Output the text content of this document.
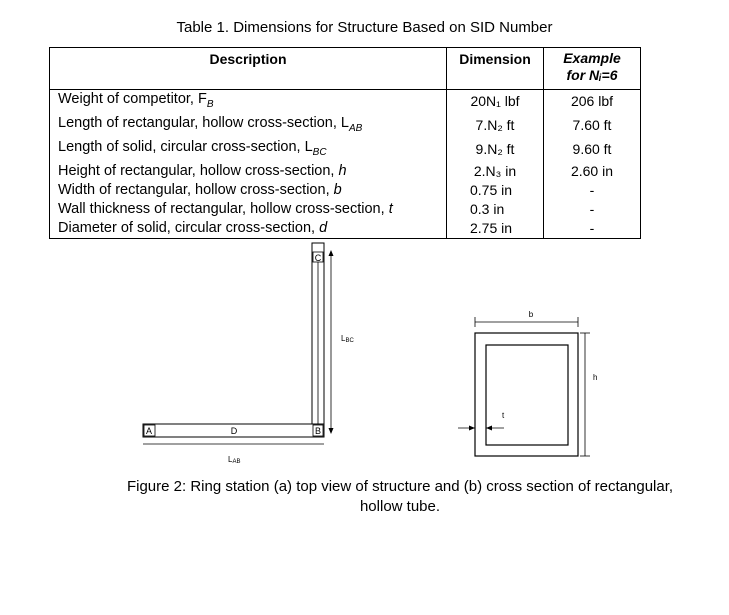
Table 1. Dimensions for Structure Based on SID Number
Description	Dimension	Example
for Nᵢ=6
Weight of competitor, $F_B$	20N₁ lbf	206 lbf
Length of rectangular, hollow cross-section, $L_{AB}$	7.N₂ ft	7.60 ft
Length of solid, circular cross-section, $L_{BC}$	9.N₂ ft	9.60 ft
Height of rectangular, hollow cross-section, h	2.N₃ in	2.60 in
Width of rectangular, hollow cross-section, b	0.75 in	-
Wall thickness of rectangular, hollow cross-section, t	0.3 in	-
Diameter of solid, circular cross-section, d	2.75 in	-
C
A	D	B
LBC
LAB
b
h
t
Figure 2: Ring station (a) top view of structure and (b) cross section of rectangular,
hollow tube.
